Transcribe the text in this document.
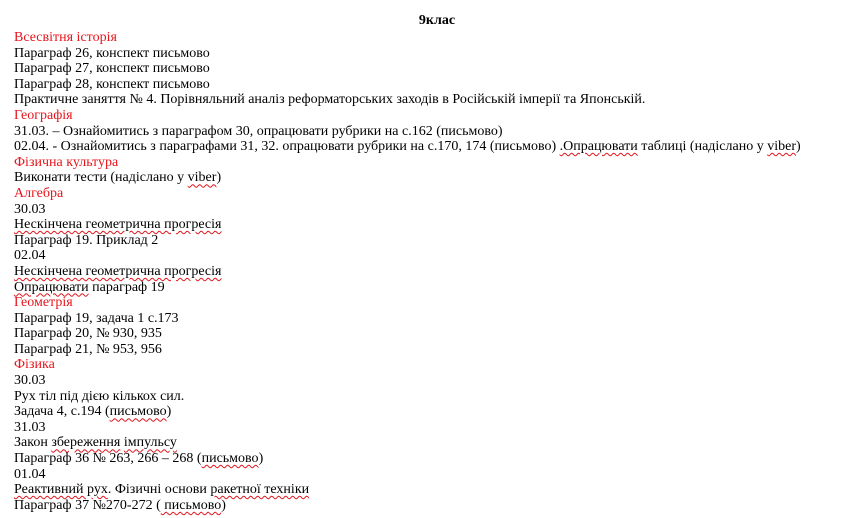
9клас
Всесвітня історія
Параграф 26, конспект письмово
Параграф 27, конспект письмово
Параграф 28, конспект письмово
Практичне заняття № 4. Порівняльний аналіз реформаторських заходів в Російській імперії та Японській.
Географія
31.03. – Ознайомитись з параграфом 30, опрацювати рубрики на с.162 (письмово)
02.04. - Ознайомитись з параграфами 31, 32. опрацювати рубрики на с.170, 174 (письмово) .Опрацювати таблиці (надіслано у viber)
Фізична культура
Виконати тести (надіслано у viber)
Алгебра
30.03
Нескінчена геометрична прогресія
Параграф 19. Приклад 2
02.04
Нескінчена геометрична прогресія
Опрацювати параграф 19
Геометрія
Параграф 19, задача 1 с.173
Параграф 20, № 930, 935
Параграф 21, № 953, 956
Фізика
30.03
Рух тіл під дією кількох сил.
Задача 4, с.194 (письмово)
31.03
Закон збереження імпульсу
Параграф 36 № 263, 266 – 268 (письмово)
01.04
Реактивний рух. Фізичні основи ракетної техніки
Параграф 37 №270-272 ( письмово)
